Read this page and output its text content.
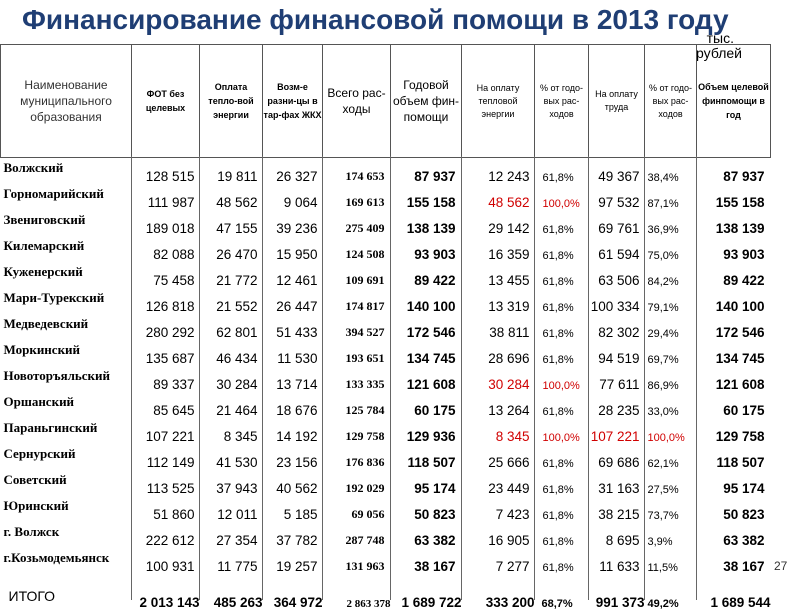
Финансирование финансовой помощи в 2013 году
тыс.
рублей
Наименование муниципального образования	ФОТ без целевых	Оплата тепло-вой энергии	Возм-е разни-цы в тар-фах ЖКХ	Всего рас-ходы	Годовой объем фин-помощи	На оплату тепловой энергии	% от годо-вых рас-ходов	На оплату труда	% от годо-вых рас-ходов	Объем целевой финпомощи в год
Волжский	128 515	19 811	26 327	174 653	87 937	12 243	61,8%	49 367	38,4%	87 937
Горномарийский	111 987	48 562	9 064	169 613	155 158	48 562	100,0%	97 532	87,1%	155 158
Звениговский	189 018	47 155	39 236	275 409	138 139	29 142	61,8%	69 761	36,9%	138 139
Килемарский	82 088	26 470	15 950	124 508	93 903	16 359	61,8%	61 594	75,0%	93 903
Куженерский	75 458	21 772	12 461	109 691	89 422	13 455	61,8%	63 506	84,2%	89 422
Мари-Турекский	126 818	21 552	26 447	174 817	140 100	13 319	61,8%	100 334	79,1%	140 100
Медведевский	280 292	62 801	51 433	394 527	172 546	38 811	61,8%	82 302	29,4%	172 546
Моркинский	135 687	46 434	11 530	193 651	134 745	28 696	61,8%	94 519	69,7%	134 745
Новоторъяльский	89 337	30 284	13 714	133 335	121 608	30 284	100,0%	77 611	86,9%	121 608
Оршанский	85 645	21 464	18 676	125 784	60 175	13 264	61,8%	28 235	33,0%	60 175
Параньгинский	107 221	8 345	14 192	129 758	129 936	8 345	100,0%	107 221	100,0%	129 758
Сернурский	112 149	41 530	23 156	176 836	118 507	25 666	61,8%	69 686	62,1%	118 507
Советский	113 525	37 943	40 562	192 029	95 174	23 449	61,8%	31 163	27,5%	95 174
Юринский	51 860	12 011	5 185	69 056	50 823	7 423	61,8%	38 215	73,7%	50 823
г. Волжск	222 612	27 354	37 782	287 748	63 382	16 905	61,8%	8 695	3,9%	63 382
г.Козьмодемьянск	100 931	11 775	19 257	131 963	38 167	7 277	61,8%	11 633	11,5%	38 167
ИТОГО	2 013 143	485 263	364 972	2 863 378	1 689 722	333 200	68,7%	991 373	49,2%	1 689 544
27
